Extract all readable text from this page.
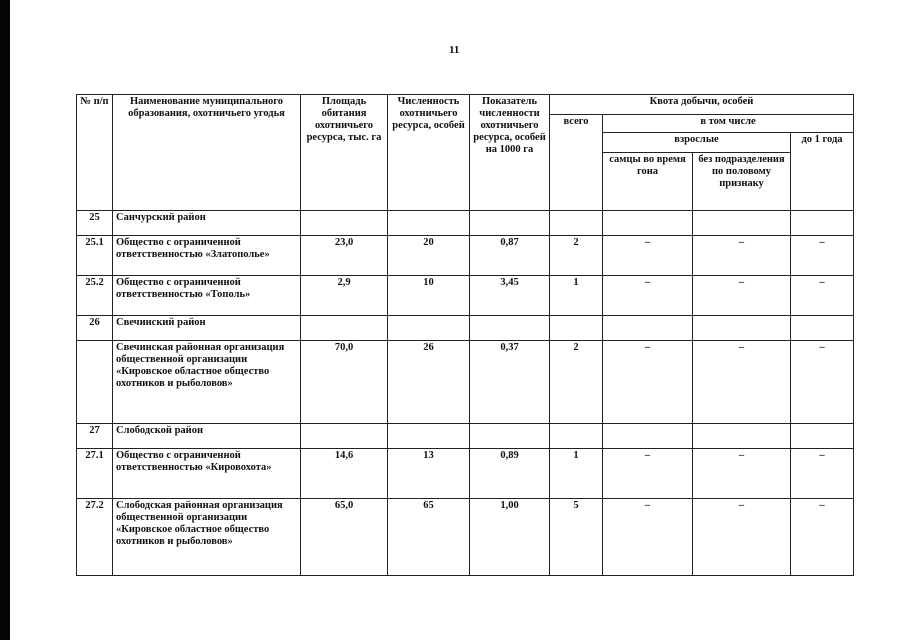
11
№ п/п	Наименование муниципального образования, охотничьего угодья	Площадь обитания охотничьего ресурса, тыс. га	Численность охотничьего ресурса, особей	Показатель численности охотничьего ресурса, особей на 1000 га	Квота добычи, особей			
					всего	в том числе		
						взрослые		до 1 года
						самцы во время гона	без подразделения по половому признаку	
25	Санчурский район							
25.1	Общество с ограниченной ответственностью «Златополье»	23,0	20	0,87	2	–	–	–
25.2	Общество с ограниченной ответственностью «Тополь»	2,9	10	3,45	1	–	–	–
26	Свечинский район							
	Свечинская районная организация общественной организации «Кировское областное общество охотников и рыболовов»	70,0	26	0,37	2	–	–	–
27	Слободской район							
27.1	Общество с ограниченной ответственностью «Кировохота»	14,6	13	0,89	1	–	–	–
27.2	Слободская районная организация общественной организации «Кировское областное общество охотников и рыболовов»	65,0	65	1,00	5	–	–	–
